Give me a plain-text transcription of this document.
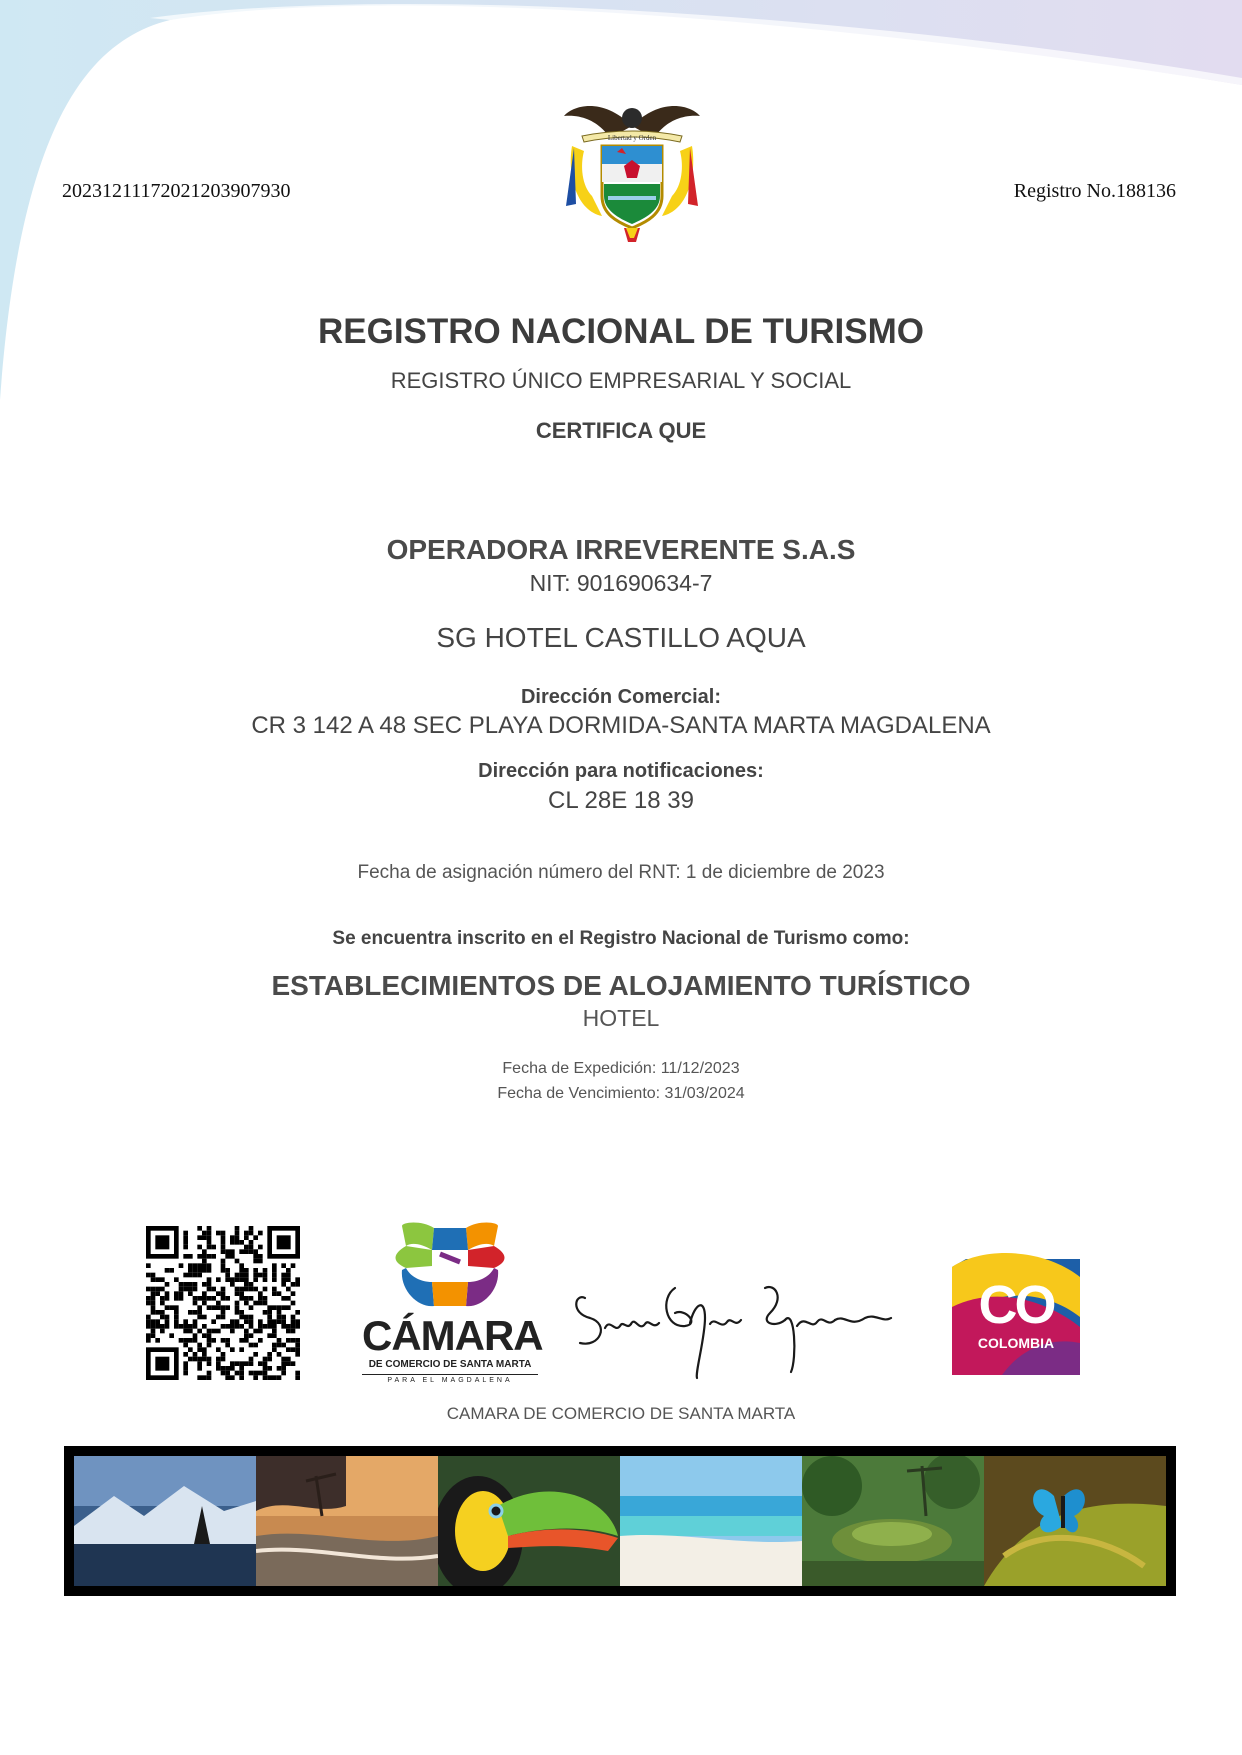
20231211172021203907930	Registro No.188136
Libertad y Orden
REGISTRO NACIONAL DE TURISMO
REGISTRO ÚNICO EMPRESARIAL Y SOCIAL
CERTIFICA QUE
OPERADORA IRREVERENTE S.A.S
NIT: 901690634-7
SG HOTEL CASTILLO AQUA
Dirección Comercial:
CR 3 142 A 48 SEC PLAYA DORMIDA-SANTA MARTA MAGDALENA
Dirección para notificaciones:
CL 28E 18 39
Fecha de asignación número del RNT: 1 de diciembre de 2023
Se encuentra inscrito en el Registro Nacional de Turismo como:
ESTABLECIMIENTOS DE ALOJAMIENTO TURÍSTICO
HOTEL
Fecha de Expedición: 11/12/2023
Fecha de Vencimiento: 31/03/2024
CÁMARA
DE COMERCIO DE SANTA MARTA
PARA EL MAGDALENA
CO
COLOMBIA
CAMARA DE COMERCIO DE SANTA MARTA
